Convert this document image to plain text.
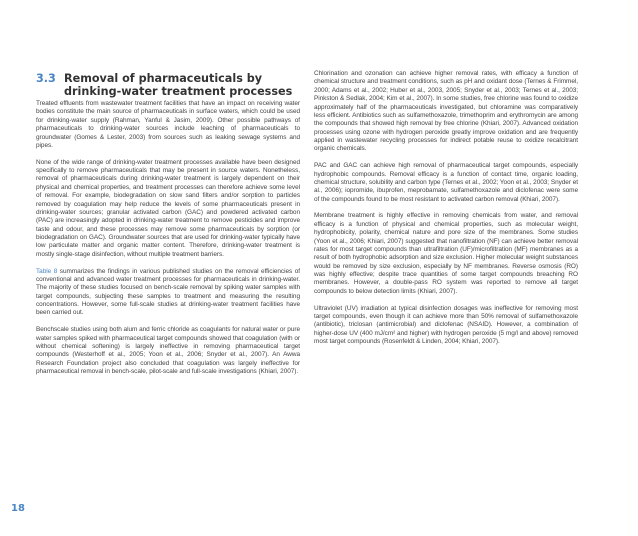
3.3 Removal of pharmaceuticals by drinking-water treatment processes

Treated effluents from wastewater treatment facilities that have an impact on receiving water bodies constitute the main source of pharmaceuticals in surface waters, which could be used for drinking-water supply (Rahman, Yanful & Jasim, 2009). Other possible pathways of pharmaceuticals to drinking-water sources include leaching of pharmaceuticals to groundwater (Gomes & Lester, 2003) from sources such as leaking sewage systems and pipes.

None of the wide range of drinking-water treatment processes available have been designed specifically to remove pharmaceuticals that may be present in source waters. Nonetheless, removal of pharmaceuticals during drinking-water treatment is largely dependent on their physical and chemical properties, and treatment processes can therefore achieve some level of removal. For example, biodegradation on slow sand filters and/or sorption to particles removed by coagulation may help reduce the levels of some pharmaceuticals present in drinking-water sources; granular activated carbon (GAC) and powdered activated carbon (PAC) are increasingly adopted in drinking-water treatment to remove pesticides and improve taste and odour, and these processes may remove some pharmaceuticals by sorption (or biodegradation on GAC). Groundwater sources that are used for drinking-water typically have low particulate matter and organic matter content. Therefore, drinking-water treatment is mostly single-stage disinfection, without multiple treatment barriers.

Table 8 summarizes the findings in various published studies on the removal efficiencies of conventional and advanced water treatment processes for pharmaceuticals in drinking-water. The majority of these studies focused on bench-scale removal by spiking water samples with target compounds, subjecting these samples to treatment and measuring the resulting concentrations. However, some full-scale studies at drinking-water treatment facilities have been carried out.

Benchscale studies using both alum and ferric chloride as coagulants for natural water or pure water samples spiked with pharmaceutical target compounds showed that coagulation (with or without chemical softening) is largely ineffective in removing pharmaceutical target compounds (Westerhoff et al., 2005; Yoon et al., 2006; Snyder et al., 2007). An Awwa Research Foundation project also concluded that coagulation was largely ineffective for pharmaceutical removal in bench-scale, pilot-scale and full-scale investigations (Khiari, 2007).

Chlorination and ozonation can achieve higher removal rates, with efficacy a function of chemical structure and treatment conditions, such as pH and oxidant dose (Ternes & Frimmel, 2000; Adams et al., 2002; Huber et al., 2003, 2005; Snyder et al., 2003; Ternes et al., 2003; Pinkston & Sedlak, 2004; Kim et al., 2007). In some studies, free chlorine was found to oxidize approximately half of the pharmaceuticals investigated, but chloramine was comparatively less efficient. Antibiotics such as sulfamethoxazole, trimethoprim and erythromycin are among the compounds that showed high removal by free chlorine (Khiari, 2007). Advanced oxidation processes using ozone with hydrogen peroxide greatly improve oxidation and are frequently applied in wastewater recycling processes for indirect potable reuse to oxidize recalcitrant organic chemicals.

PAC and GAC can achieve high removal of pharmaceutical target compounds, especially hydrophobic compounds. Removal efficacy is a function of contact time, organic loading, chemical structure, solubility and carbon type (Ternes et al., 2002; Yoon et al., 2003; Snyder et al., 2006); iopromide, ibuprofen, meprobamate, sulfamethoxazole and diclofenac were some of the compounds found to be most resistant to activated carbon removal (Khiari, 2007).

Membrane treatment is highly effective in removing chemicals from water, and removal efficacy is a function of physical and chemical properties, such as molecular weight, hydrophobicity, polarity, chemical nature and pore size of the membranes. Some studies (Yoon et al., 2006; Khiari, 2007) suggested that nanofiltration (NF) can achieve better removal rates for most target compounds than ultrafiltration (UF)/microfiltration (MF) membranes as a result of both hydrophobic adsorption and size exclusion. Higher molecular weight substances would be removed by size exclusion, especially by NF membranes. Reverse osmosis (RO) was highly effective; despite trace quantities of some target compounds breaching RO membranes. However, a double-pass RO system was reported to remove all target compounds to below detection limits (Khiari, 2007).

Ultraviolet (UV) irradiation at typical disinfection dosages was ineffective for removing most target compounds, even though it can achieve more than 50% removal of sulfamethoxazole (antibiotic), triclosan (antimicrobial) and diclofenac (NSAID). However, a combination of higher-dose UV (400 mJ/cm² and higher) with hydrogen peroxide (5 mg/l and above) removed most target compounds (Rosenfeldt & Linden, 2004; Khiari, 2007).

18
